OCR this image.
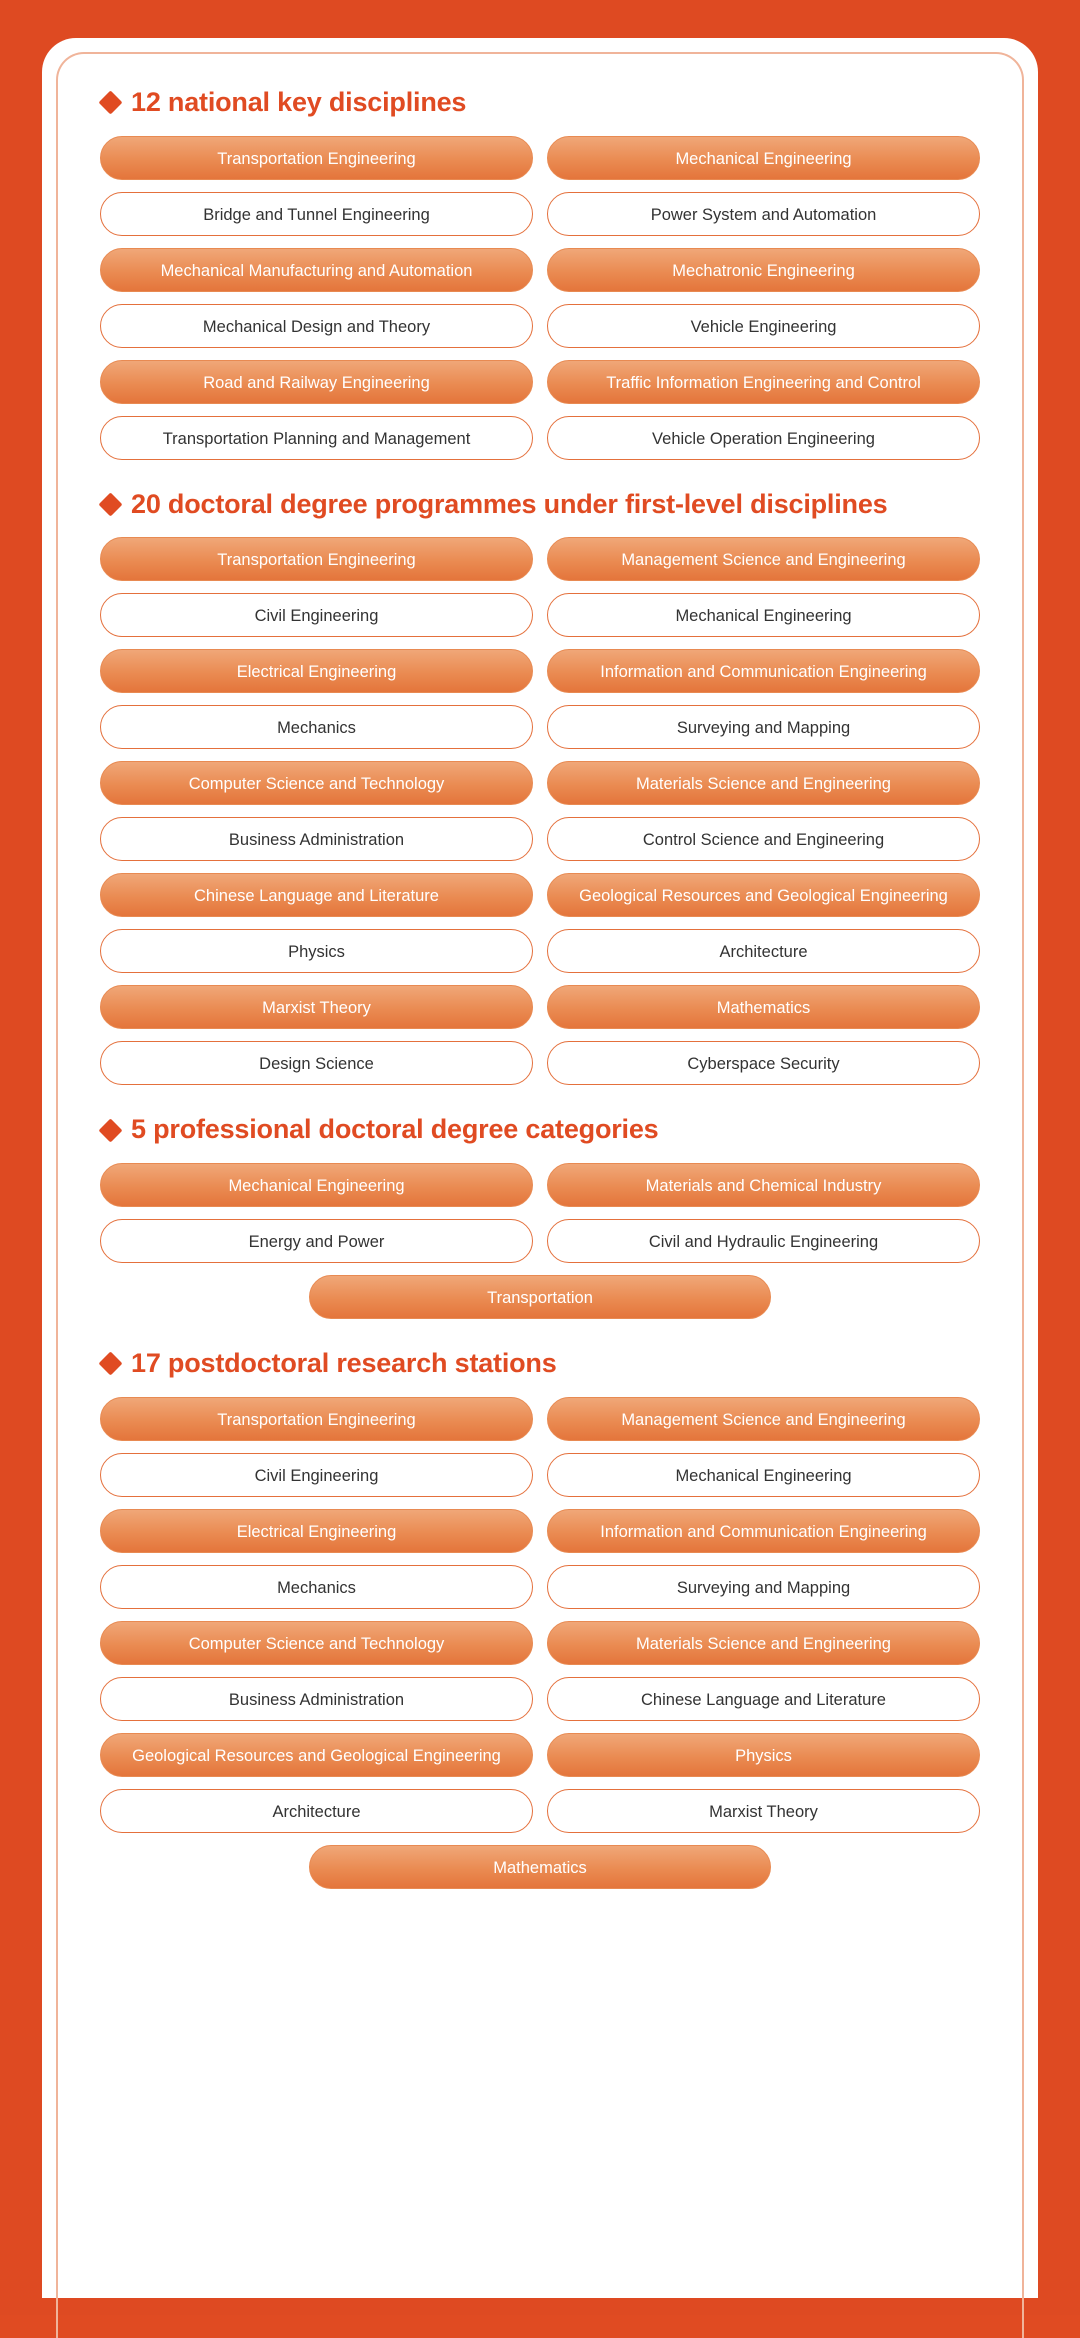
12 national key disciplines
Transportation Engineering	Mechanical Engineering
Bridge and Tunnel Engineering	Power System and Automation
Mechanical Manufacturing and Automation	Mechatronic Engineering
Mechanical Design and Theory	Vehicle Engineering
Road and Railway Engineering	Traffic Information Engineering and Control
Transportation Planning and Management	Vehicle Operation Engineering
20 doctoral degree programmes under first-level disciplines
Transportation Engineering	Management Science and Engineering
Civil Engineering	Mechanical Engineering
Electrical Engineering	Information and Communication Engineering
Mechanics	Surveying and Mapping
Computer Science and Technology	Materials Science and Engineering
Business Administration	Control Science and Engineering
Chinese Language and Literature	Geological Resources and Geological Engineering
Physics	Architecture
Marxist Theory	Mathematics
Design Science	Cyberspace Security
5 professional doctoral degree categories
Mechanical Engineering	Materials and Chemical Industry
Energy and Power	Civil and Hydraulic Engineering
Transportation
17 postdoctoral research stations
Transportation Engineering	Management Science and Engineering
Civil Engineering	Mechanical Engineering
Electrical Engineering	Information and Communication Engineering
Mechanics	Surveying and Mapping
Computer Science and Technology	Materials Science and Engineering
Business Administration	Chinese Language and Literature
Geological Resources and Geological Engineering	Physics
Architecture	Marxist Theory
Mathematics
